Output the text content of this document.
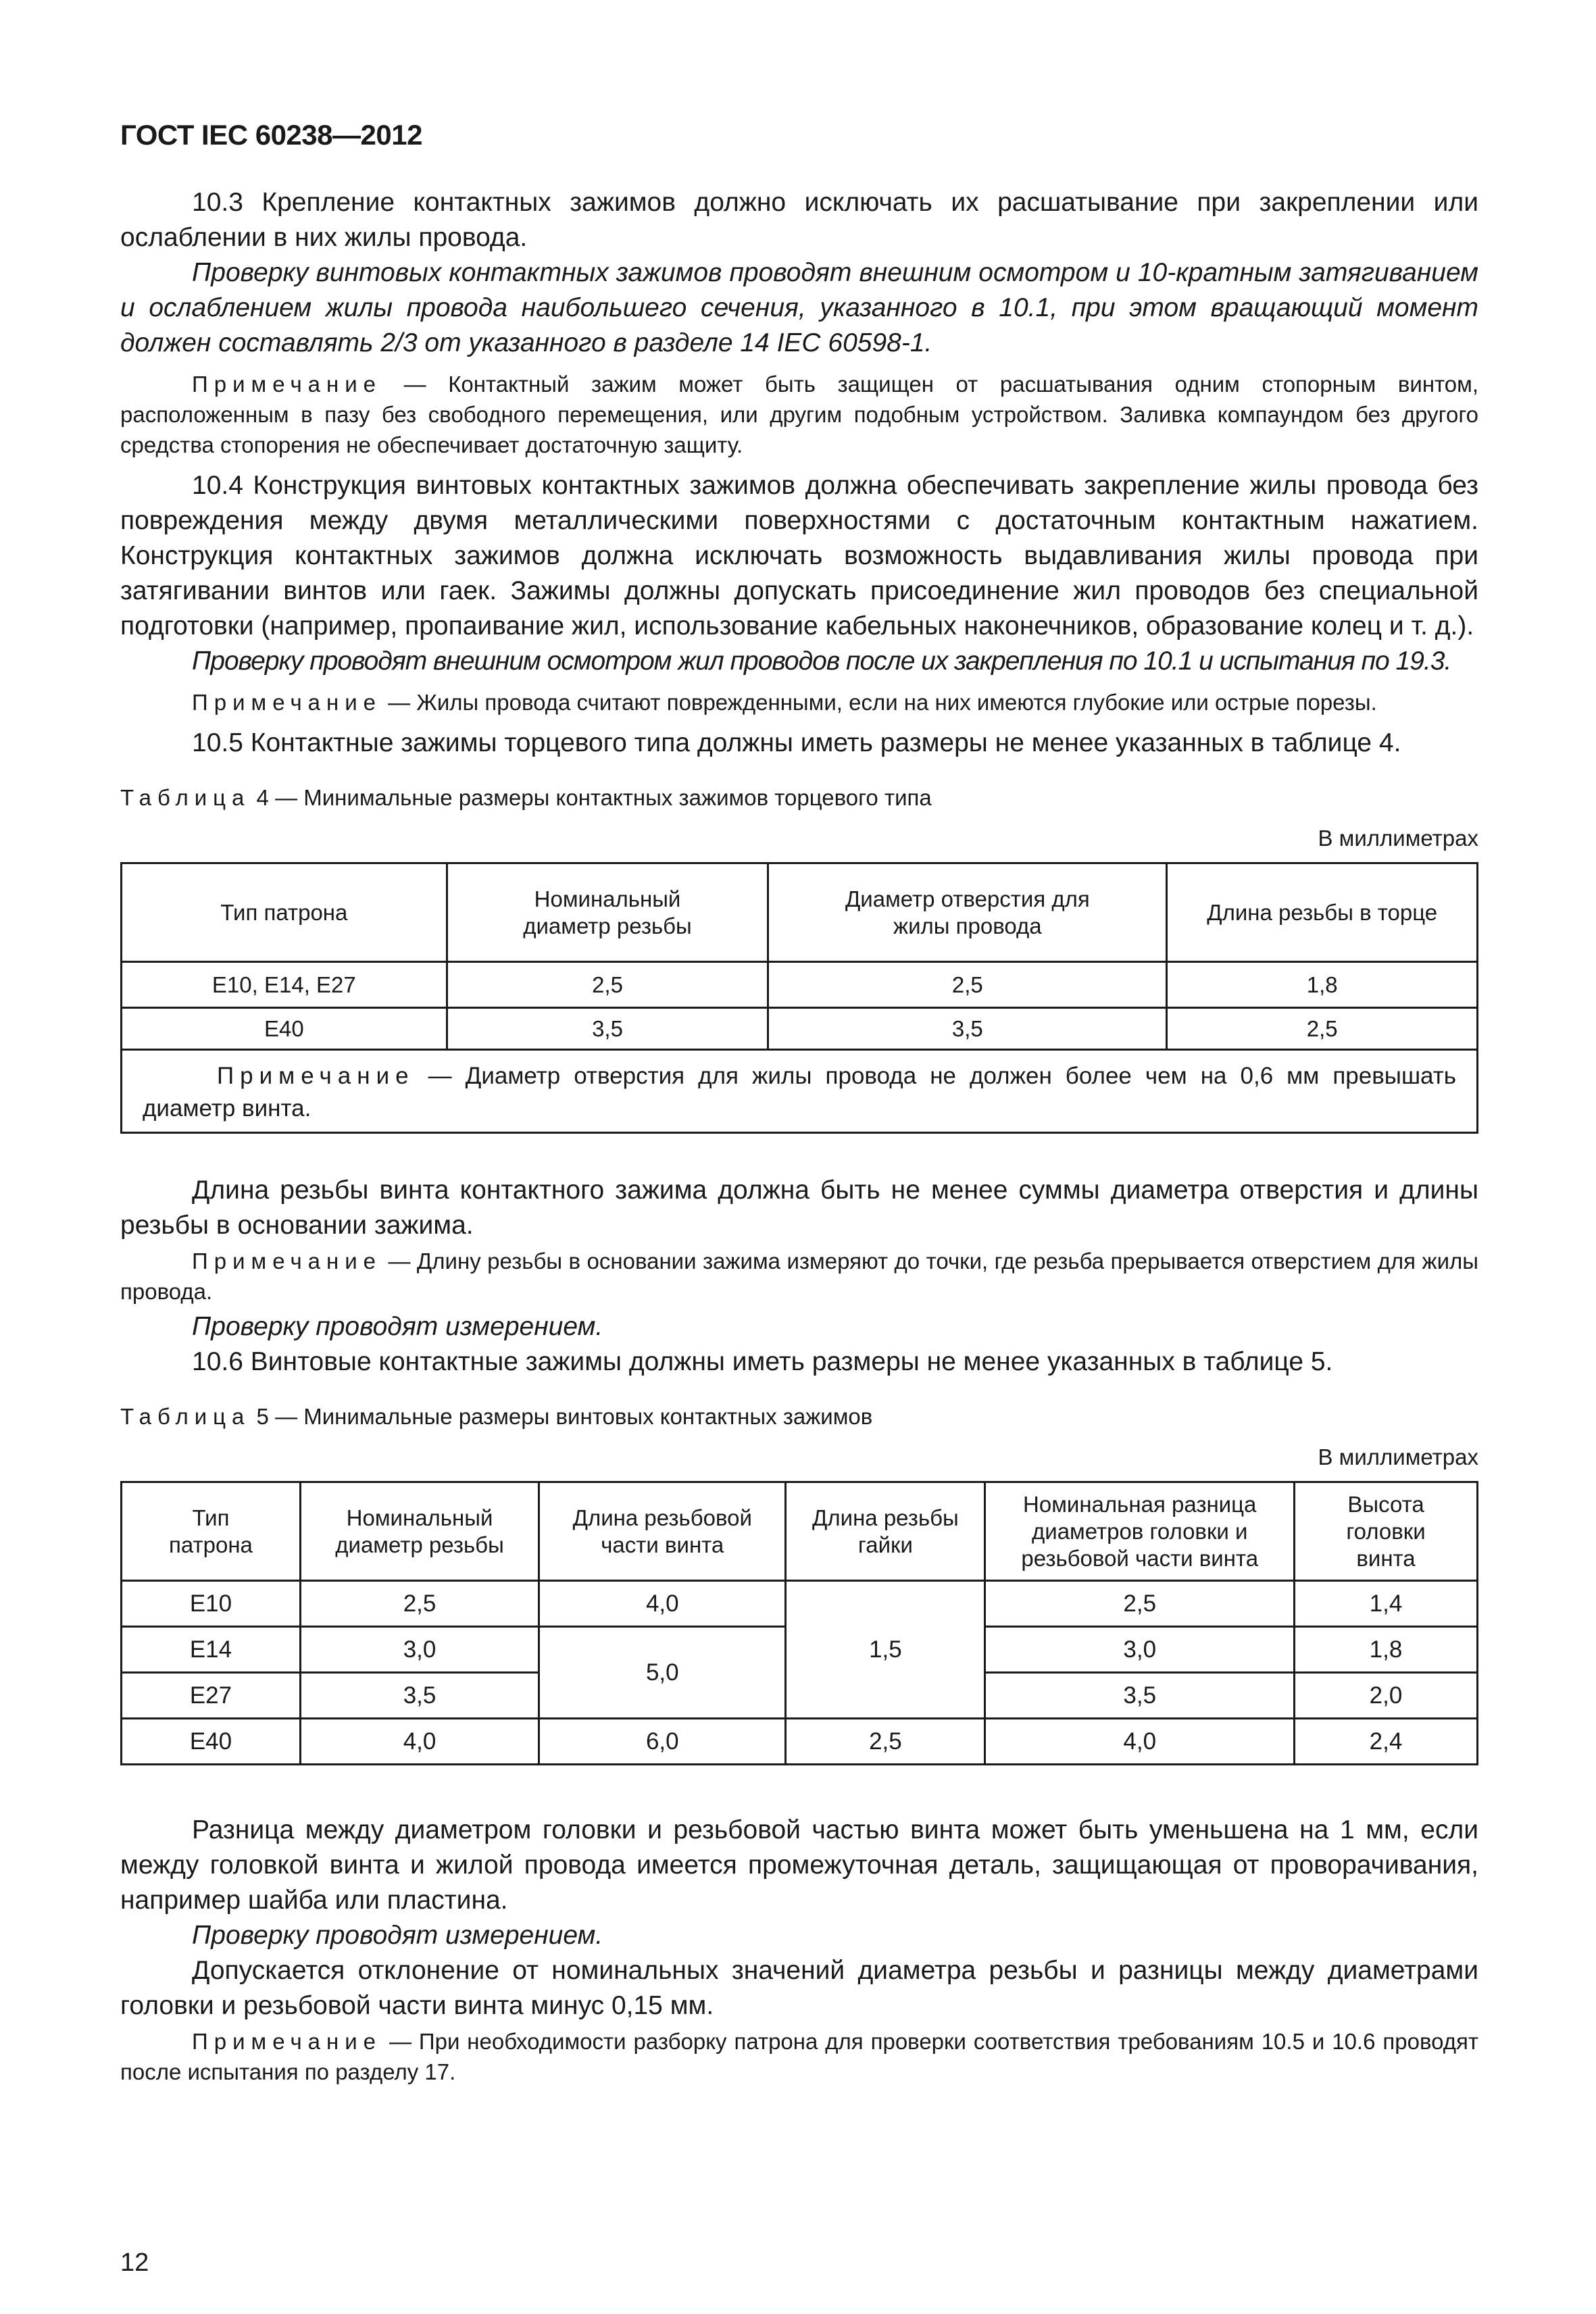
ГОСТ IEC 60238—2012

10.3 Крепление контактных зажимов должно исключать их расшатывание при закреплении или ослаблении в них жилы провода.

Проверку винтовых контактных зажимов проводят внешним осмотром и 10-кратным затягиванием и ослаблением жилы провода наибольшего сечения, указанного в 10.1, при этом вращающий момент должен составлять 2/3 от указанного в разделе 14 IEC 60598-1.

Примечание — Контактный зажим может быть защищен от расшатывания одним стопорным винтом, расположенным в пазу без свободного перемещения, или другим подобным устройством. Заливка компаундом без другого средства стопорения не обеспечивает достаточную защиту.

10.4 Конструкция винтовых контактных зажимов должна обеспечивать закрепление жилы провода без повреждения между двумя металлическими поверхностями с достаточным контактным нажатием. Конструкция контактных зажимов должна исключать возможность выдавливания жилы провода при затягивании винтов или гаек. Зажимы должны допускать присоединение жил проводов без специальной подготовки (например, пропаивание жил, использование кабельных наконечников, образование колец и т. д.).

Проверку проводят внешним осмотром жил проводов после их закрепления по 10.1 и испытания по 19.3.

Примечание — Жилы провода считают поврежденными, если на них имеются глубокие или острые порезы.

10.5 Контактные зажимы торцевого типа должны иметь размеры не менее указанных в таблице 4.

Таблица 4 — Минимальные размеры контактных зажимов торцевого типа
В миллиметрах
Тип патрона	Номинальный диаметр резьбы	Диаметр отверстия для жилы провода	Длина резьбы в торце
E10, E14, E27	2,5	2,5	1,8
E40	3,5	3,5	2,5
Примечание — Диаметр отверстия для жилы провода не должен более чем на 0,6 мм превышать диаметр винта.			

Длина резьбы винта контактного зажима должна быть не менее суммы диаметра отверстия и длины резьбы в основании зажима.

Примечание — Длину резьбы в основании зажима измеряют до точки, где резьба прерывается отверстием для жилы провода.

Проверку проводят измерением.

10.6 Винтовые контактные зажимы должны иметь размеры не менее указанных в таблице 5.

Таблица 5 — Минимальные размеры винтовых контактных зажимов
В миллиметрах
Тип патрона	Номинальный диаметр резьбы	Длина резьбовой части винта	Длина резьбы гайки	Номинальная разница диаметров головки и резьбовой части винта	Высота головки винта
E10	2,5	4,0	1,5	2,5	1,4
E14	3,0	5,0		3,0	1,8
E27	3,5			3,5	2,0
E40	4,0	6,0	2,5	4,0	2,4

Разница между диаметром головки и резьбовой частью винта может быть уменьшена на 1 мм, если между головкой винта и жилой провода имеется промежуточная деталь, защищающая от проворачивания, например шайба или пластина.

Проверку проводят измерением.

Допускается отклонение от номинальных значений диаметра резьбы и разницы между диаметрами головки и резьбовой части винта минус 0,15 мм.

Примечание — При необходимости разборку патрона для проверки соответствия требованиям 10.5 и 10.6 проводят после испытания по разделу 17.

12
